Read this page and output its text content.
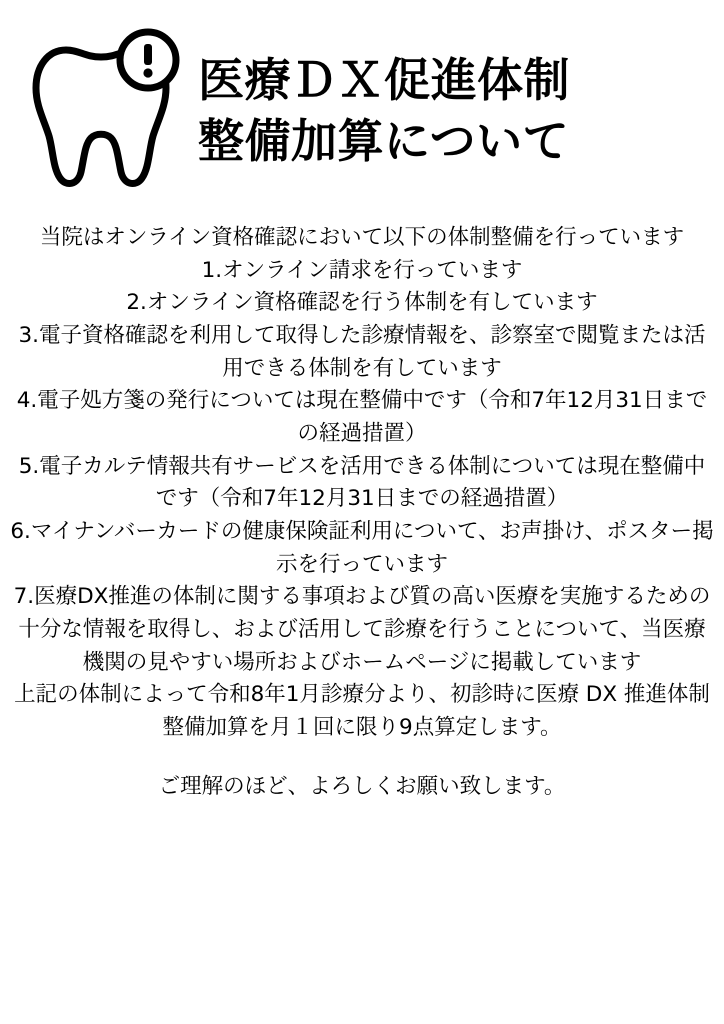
医療ＤＸ促進体制
整備加算について

当院はオンライン資格確認において以下の体制整備を行っています

1.オンライン請求を行っています

2.オンライン資格確認を行う体制を有しています

3.電子資格確認を利用して取得した診療情報を、診察室で閲覧または活用できる体制を有しています

4.電子処方箋の発行については現在整備中です（令和7年12月31日までの経過措置）

5.電子カルテ情報共有サービスを活用できる体制については現在整備中です（令和7年12月31日までの経過措置）

6.マイナンバーカードの健康保険証利用について、お声掛け、ポスター掲示を行っています

7.医療DX推進の体制に関する事項および質の高い医療を実施するための十分な情報を取得し、および活用して診療を行うことについて、当医療機関の見やすい場所およびホームページに掲載しています

上記の体制によって令和8年1月診療分より、初診時に医療 DX 推進体制整備加算を月１回に限り9点算定します。

ご理解のほど、よろしくお願い致します。
